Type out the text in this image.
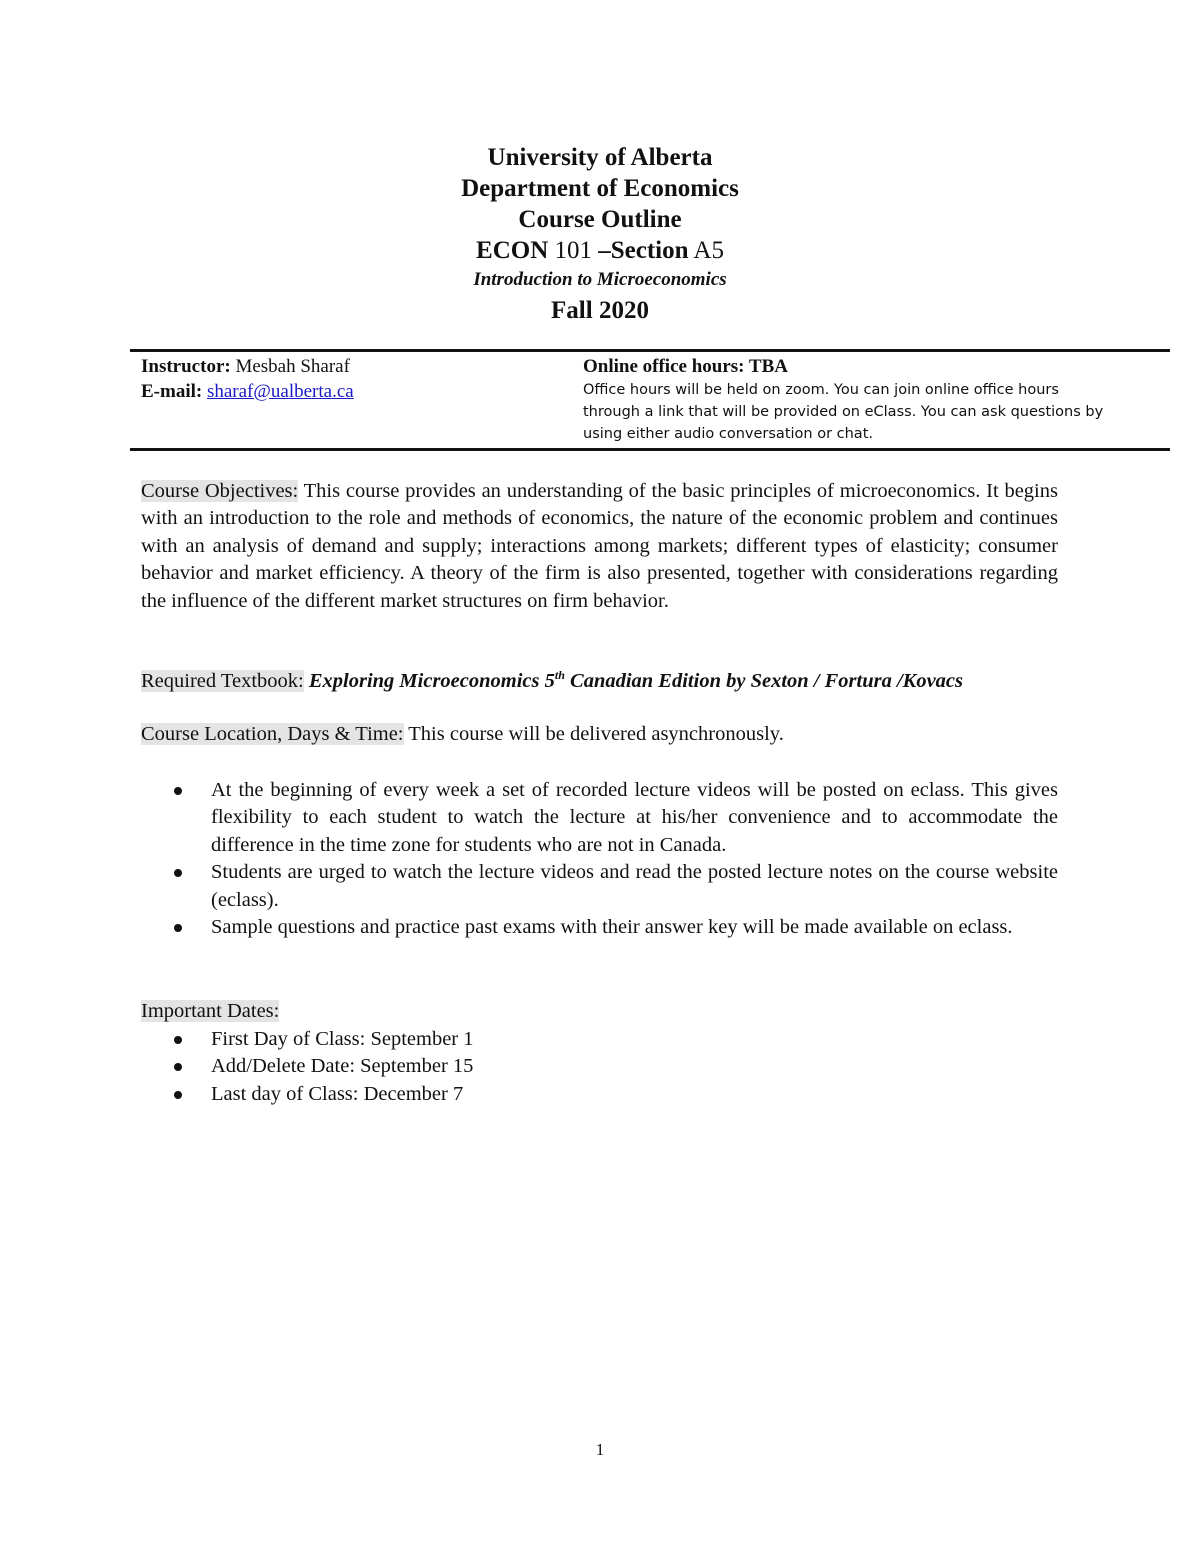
University of Alberta
Department of Economics
Course Outline
ECON 101 –Section A5
Introduction to Microeconomics
Fall 2020
Instructor: Mesbah Sharaf
E-mail: sharaf@ualberta.ca
Online office hours: TBA
Office hours will be held on zoom. You can join online office hours
through a link that will be provided on eClass. You can ask questions by
using either audio conversation or chat.
Course Objectives: This course provides an understanding of the basic principles of microeconomics. It begins with an introduction to the role and methods of economics, the nature of the economic problem and continues with an analysis of demand and supply; interactions among markets; different types of elasticity; consumer behavior and market efficiency. A theory of the firm is also presented, together with considerations regarding the influence of the different market structures on firm behavior.
Required Textbook: Exploring Microeconomics 5th Canadian Edition by Sexton / Fortura /Kovacs
Course Location, Days & Time: This course will be delivered asynchronously.
At the beginning of every week a set of recorded lecture videos will be posted on eclass. This gives flexibility to each student to watch the lecture at his/her convenience and to accommodate the difference in the time zone for students who are not in Canada.
Students are urged to watch the lecture videos and read the posted lecture notes on the course website (eclass).
Sample questions and practice past exams with their answer key will be made available on eclass.
Important Dates:
First Day of Class: September 1
Add/Delete Date: September 15
Last day of Class: December 7
1
